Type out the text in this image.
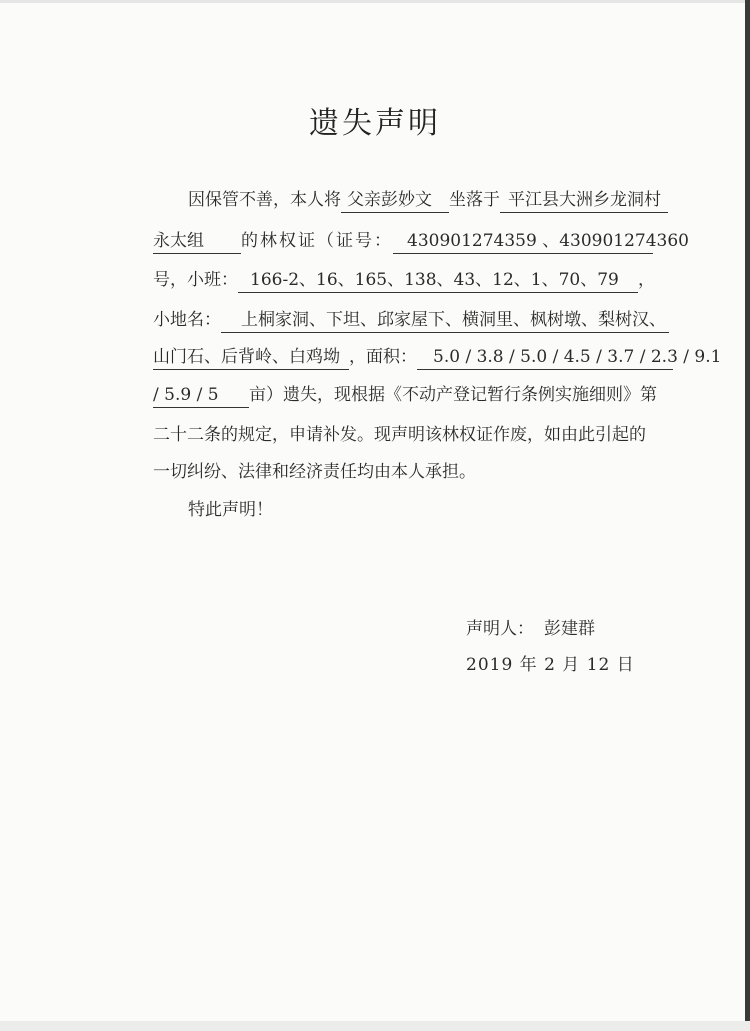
遗失声明
因保管不善，本人将 父亲彭妙文 坐落于 平江县大洲乡龙洞村
永太组 的林权证（证号： 430901274359 、430901274360
号，小班： 166-2、16、165、138、43、12、1、70、79 ，
小地名： 上桐家洞、下坦、邱家屋下、横洞里、枫树墩、梨树汉、
山门石、后背岭、白鸡坳 ，面积： 5.0 / 3.8 / 5.0 / 4.5 / 3.7 / 2.3 / 9.1
/ 5.9 / 5 亩）遗失，现根据《不动产登记暂行条例实施细则》第
二十二条的规定，申请补发。现声明该林权证作废，如由此引起的
一切纠纷、法律和经济责任均由本人承担。
特此声明！
声明人： 彭建群
2019 年 2 月 12 日
